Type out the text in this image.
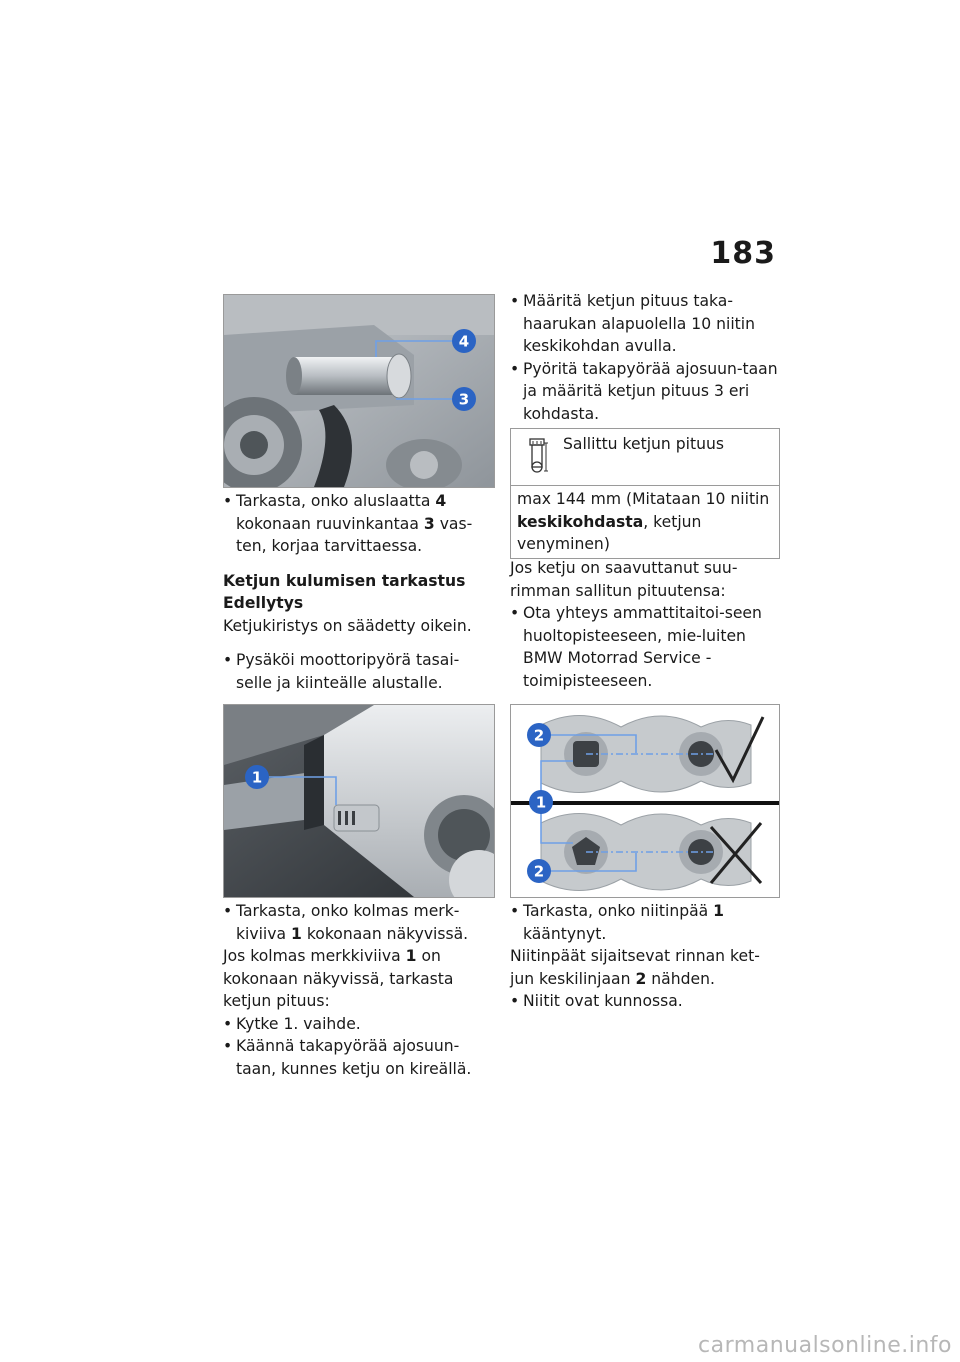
183
4
3
• Tarkasta, onko aluslaatta 4 kokonaan ruuvinkantaa 3 vas-ten, korjaa tarvittaessa.
Ketjun kulumisen tarkastus
Edellytys
Ketjukiristys on säädetty oikein.
• Pysäköi moottoripyörä tasai-selle ja kiinteälle alustalle.
1
• Tarkasta, onko kolmas merk-kiviiva 1 kokonaan näkyvissä.
Jos kolmas merkkiviiva 1 on kokonaan näkyvissä, tarkasta ketjun pituus:
• Kytke 1. vaihde.
• Käännä takapyörää ajosuun-taan, kunnes ketju on kireällä.
• Määritä ketjun pituus taka-haarukan alapuolella 10 niitin keskikohdan avulla.
• Pyöritä takapyörää ajosuun-taan ja määritä ketjun pituus 3 eri kohdasta.
Sallittu ketjun pituus
max 144 mm (Mitataan 10 niitin keskikohdasta, ketjun venyminen)
Jos ketju on saavuttanut suu-rimman sallitun pituutensa:
• Ota yhteys ammattitaitoi-seen huoltopisteeseen, mie-luiten BMW Motorrad Service -toimipisteeseen.
2
1
2
• Tarkasta, onko niitinpää 1 kääntynyt.
Niitinpäät sijaitsevat rinnan ket-jun keskilinjaan 2 nähden.
• Niitit ovat kunnossa.
carmanualsonline.info
